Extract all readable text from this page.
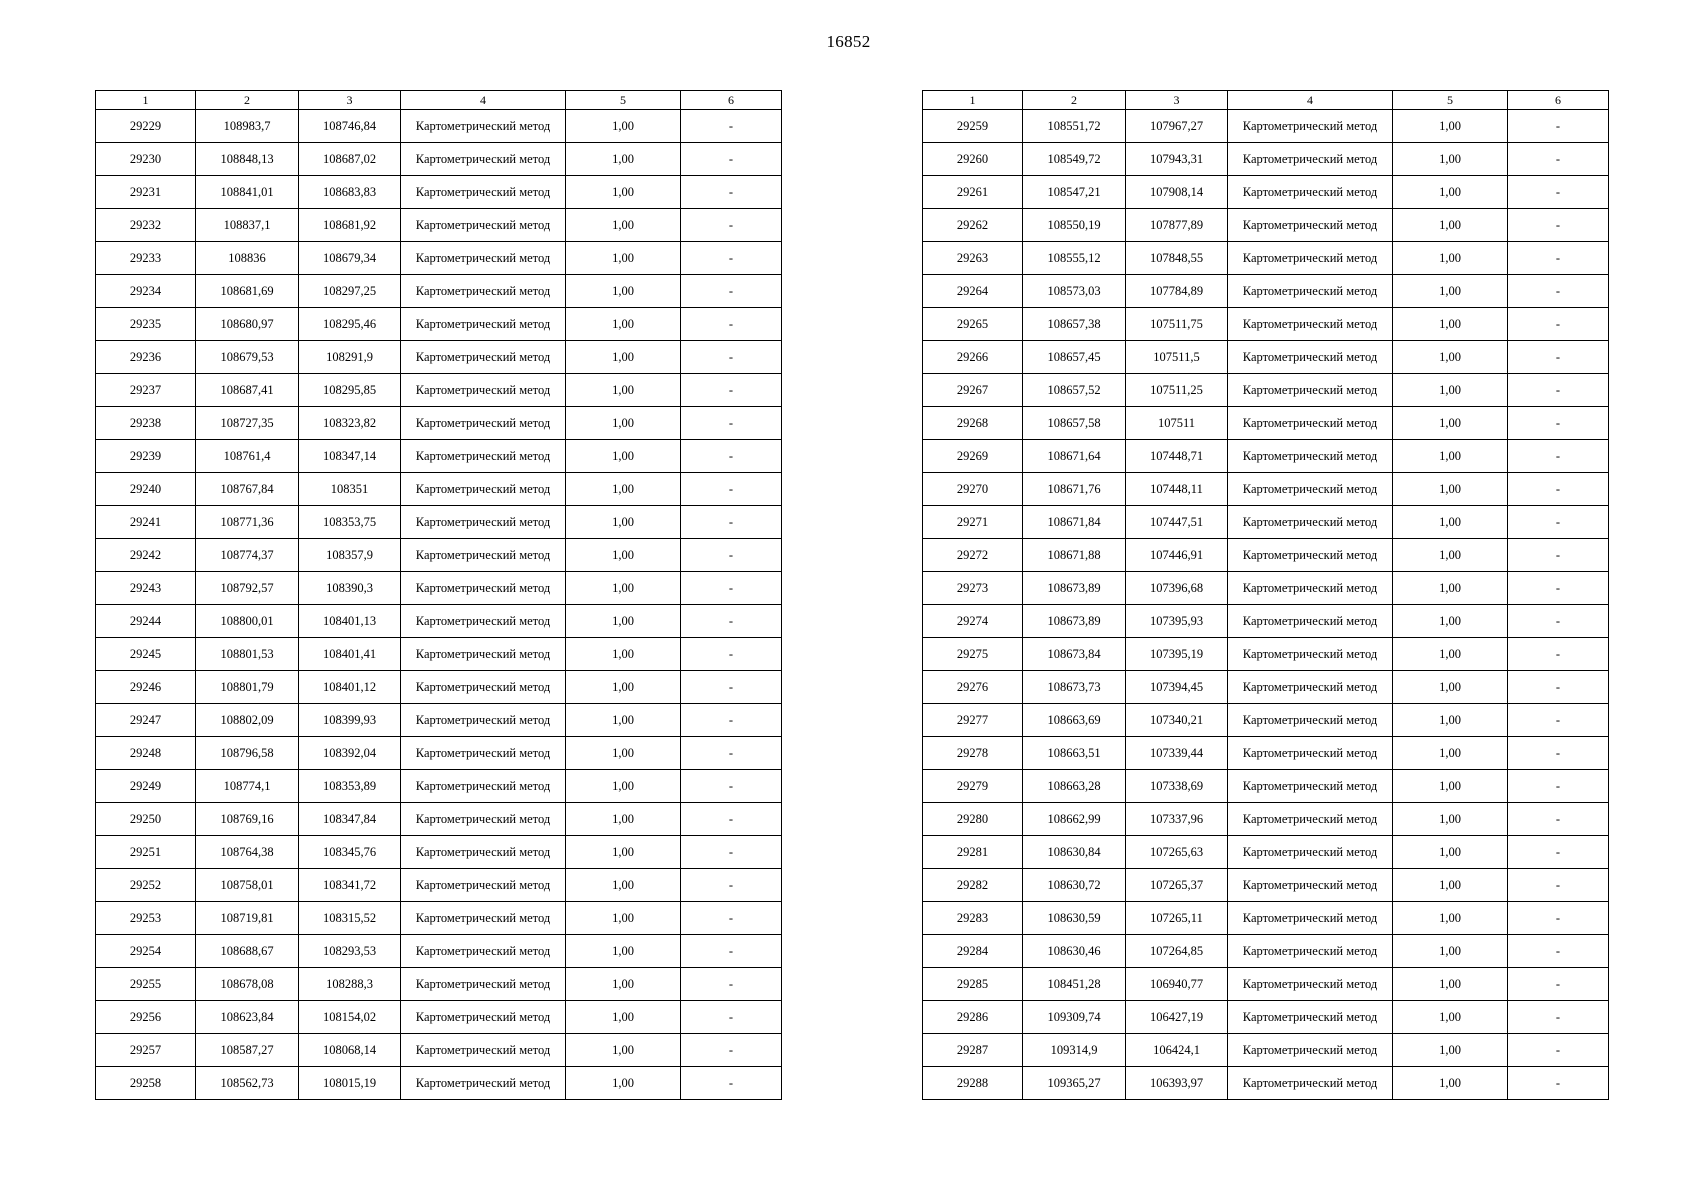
16852
1	2	3	4	5	6
29229	108983,7	108746,84	Картометрический метод	1,00	-
29230	108848,13	108687,02	Картометрический метод	1,00	-
29231	108841,01	108683,83	Картометрический метод	1,00	-
29232	108837,1	108681,92	Картометрический метод	1,00	-
29233	108836	108679,34	Картометрический метод	1,00	-
29234	108681,69	108297,25	Картометрический метод	1,00	-
29235	108680,97	108295,46	Картометрический метод	1,00	-
29236	108679,53	108291,9	Картометрический метод	1,00	-
29237	108687,41	108295,85	Картометрический метод	1,00	-
29238	108727,35	108323,82	Картометрический метод	1,00	-
29239	108761,4	108347,14	Картометрический метод	1,00	-
29240	108767,84	108351	Картометрический метод	1,00	-
29241	108771,36	108353,75	Картометрический метод	1,00	-
29242	108774,37	108357,9	Картометрический метод	1,00	-
29243	108792,57	108390,3	Картометрический метод	1,00	-
29244	108800,01	108401,13	Картометрический метод	1,00	-
29245	108801,53	108401,41	Картометрический метод	1,00	-
29246	108801,79	108401,12	Картометрический метод	1,00	-
29247	108802,09	108399,93	Картометрический метод	1,00	-
29248	108796,58	108392,04	Картометрический метод	1,00	-
29249	108774,1	108353,89	Картометрический метод	1,00	-
29250	108769,16	108347,84	Картометрический метод	1,00	-
29251	108764,38	108345,76	Картометрический метод	1,00	-
29252	108758,01	108341,72	Картометрический метод	1,00	-
29253	108719,81	108315,52	Картометрический метод	1,00	-
29254	108688,67	108293,53	Картометрический метод	1,00	-
29255	108678,08	108288,3	Картометрический метод	1,00	-
29256	108623,84	108154,02	Картометрический метод	1,00	-
29257	108587,27	108068,14	Картометрический метод	1,00	-
29258	108562,73	108015,19	Картометрический метод	1,00	-
1	2	3	4	5	6
29259	108551,72	107967,27	Картометрический метод	1,00	-
29260	108549,72	107943,31	Картометрический метод	1,00	-
29261	108547,21	107908,14	Картометрический метод	1,00	-
29262	108550,19	107877,89	Картометрический метод	1,00	-
29263	108555,12	107848,55	Картометрический метод	1,00	-
29264	108573,03	107784,89	Картометрический метод	1,00	-
29265	108657,38	107511,75	Картометрический метод	1,00	-
29266	108657,45	107511,5	Картометрический метод	1,00	-
29267	108657,52	107511,25	Картометрический метод	1,00	-
29268	108657,58	107511	Картометрический метод	1,00	-
29269	108671,64	107448,71	Картометрический метод	1,00	-
29270	108671,76	107448,11	Картометрический метод	1,00	-
29271	108671,84	107447,51	Картометрический метод	1,00	-
29272	108671,88	107446,91	Картометрический метод	1,00	-
29273	108673,89	107396,68	Картометрический метод	1,00	-
29274	108673,89	107395,93	Картометрический метод	1,00	-
29275	108673,84	107395,19	Картометрический метод	1,00	-
29276	108673,73	107394,45	Картометрический метод	1,00	-
29277	108663,69	107340,21	Картометрический метод	1,00	-
29278	108663,51	107339,44	Картометрический метод	1,00	-
29279	108663,28	107338,69	Картометрический метод	1,00	-
29280	108662,99	107337,96	Картометрический метод	1,00	-
29281	108630,84	107265,63	Картометрический метод	1,00	-
29282	108630,72	107265,37	Картометрический метод	1,00	-
29283	108630,59	107265,11	Картометрический метод	1,00	-
29284	108630,46	107264,85	Картометрический метод	1,00	-
29285	108451,28	106940,77	Картометрический метод	1,00	-
29286	109309,74	106427,19	Картометрический метод	1,00	-
29287	109314,9	106424,1	Картометрический метод	1,00	-
29288	109365,27	106393,97	Картометрический метод	1,00	-
